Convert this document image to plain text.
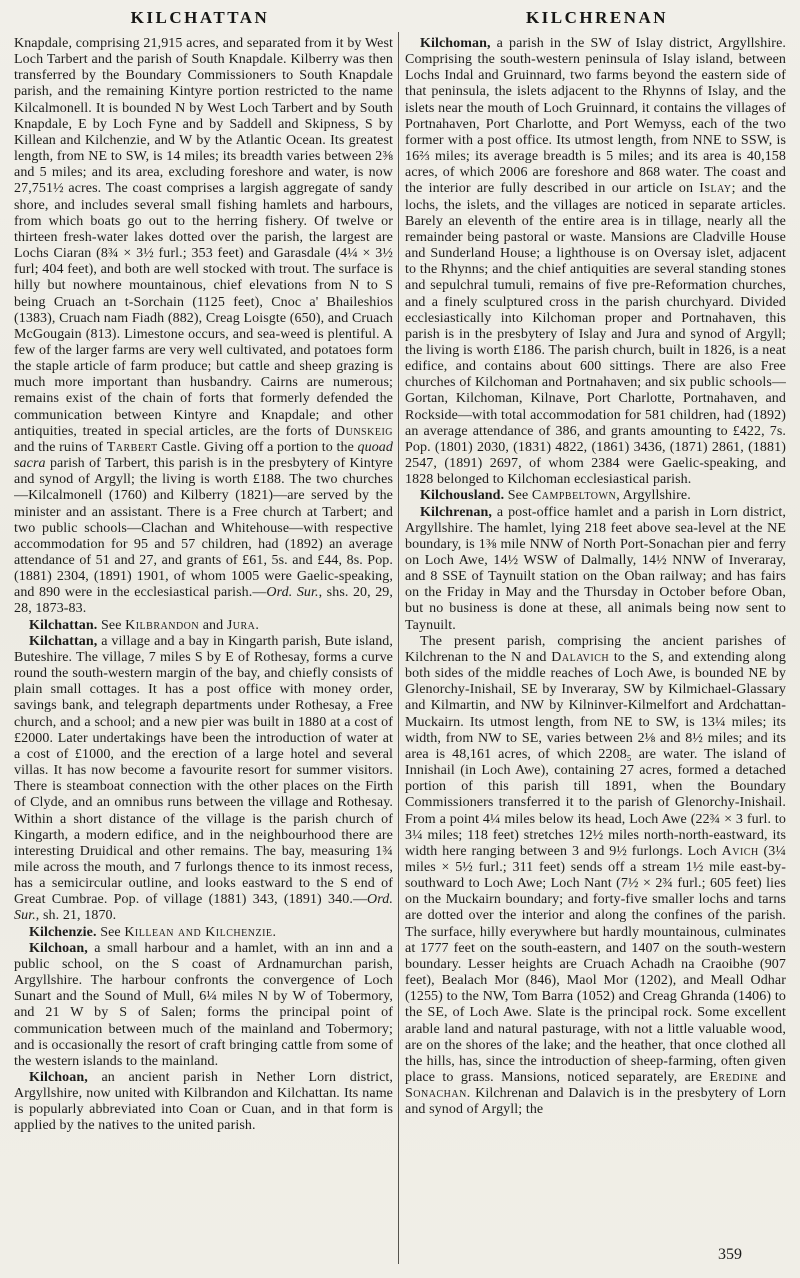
KILCHATTAN	KILCHRENAN

Knapdale, comprising 21,915 acres, and separated from it by West Loch Tarbert and the parish of South Knapdale. Kilberry was then transferred by the Boundary Commissioners to South Knapdale parish, and the remaining Kintyre portion restricted to the name Kilcalmonell. It is bounded N by West Loch Tarbert and by South Knapdale, E by Loch Fyne and by Saddell and Skipness, S by Killean and Kilchenzie, and W by the Atlantic Ocean. Its greatest length, from NE to SW, is 14 miles; its breadth varies between 2⅜ and 5 miles; and its area, excluding foreshore and water, is now 27,751½ acres. The coast comprises a largish aggregate of sandy shore, and includes several small fishing hamlets and harbours, from which boats go out to the herring fishery. Of twelve or thirteen fresh-water lakes dotted over the parish, the largest are Lochs Ciaran (8¾ × 3½ furl.; 353 feet) and Garasdale (4¼ × 3½ furl; 404 feet), and both are well stocked with trout. The surface is hilly but nowhere mountainous, chief elevations from N to S being Cruach an t-Sorchain (1125 feet), Cnoc a' Bhaileshios (1383), Cruach nam Fiadh (882), Creag Loisgte (650), and Cruach McGougain (813). Limestone occurs, and sea-weed is plentiful. A few of the larger farms are very well cultivated, and potatoes form the staple article of farm produce; but cattle and sheep grazing is much more important than husbandry. Cairns are numerous; remains exist of the chain of forts that formerly defended the communication between Kintyre and Knapdale; and other antiquities, treated in special articles, are the forts of Dunskeig and the ruins of Tarbert Castle. Giving off a portion to the quoad sacra parish of Tarbert, this parish is in the presbytery of Kintyre and synod of Argyll; the living is worth £188. The two churches—Kilcalmonell (1760) and Kilberry (1821)—are served by the minister and an assistant. There is a Free church at Tarbert; and two public schools—Clachan and Whitehouse—with respective accommodation for 95 and 57 children, had (1892) an average attendance of 51 and 27, and grants of £61, 5s. and £44, 8s. Pop. (1881) 2304, (1891) 1901, of whom 1005 were Gaelic-speaking, and 890 were in the ecclesiastical parish.—Ord. Sur., shs. 20, 29, 28, 1873-83.

Kilchattan. See Kilbrandon and Jura.

Kilchattan, a village and a bay in Kingarth parish, Bute island, Buteshire. The village, 7 miles S by E of Rothesay, forms a curve round the south-western margin of the bay, and chiefly consists of plain small cottages. It has a post office with money order, savings bank, and telegraph departments under Rothesay, a Free church, and a school; and a new pier was built in 1880 at a cost of £2000. Later undertakings have been the introduction of water at a cost of £1000, and the erection of a large hotel and several villas. It has now become a favourite resort for summer visitors. There is steamboat connection with the other places on the Firth of Clyde, and an omnibus runs between the village and Rothesay. Within a short distance of the village is the parish church of Kingarth, a modern edifice, and in the neighbourhood there are interesting Druidical and other remains. The bay, measuring 1¾ mile across the mouth, and 7 furlongs thence to its inmost recess, has a semicircular outline, and looks eastward to the S end of Great Cumbrae. Pop. of village (1881) 343, (1891) 340.—Ord. Sur., sh. 21, 1870.

Kilchenzie. See Killean and Kilchenzie.

Kilchoan, a small harbour and a hamlet, with an inn and a public school, on the S coast of Ardnamurchan parish, Argyllshire. The harbour confronts the convergence of Loch Sunart and the Sound of Mull, 6¼ miles N by W of Tobermory, and 21 W by S of Salen; forms the principal point of communication between much of the mainland and Tobermory; and is occasionally the resort of craft bringing cattle from some of the western islands to the mainland.

Kilchoan, an ancient parish in Nether Lorn district, Argyllshire, now united with Kilbrandon and Kilchattan. Its name is popularly abbreviated into Coan or Cuan, and in that form is applied by the natives to the united parish.

Kilchoman, a parish in the SW of Islay district, Argyllshire. Comprising the south-western peninsula of Islay island, between Lochs Indal and Gruinnard, two farms beyond the eastern side of that peninsula, the islets adjacent to the Rhynns of Islay, and the islets near the mouth of Loch Gruinnard, it contains the villages of Portnahaven, Port Charlotte, and Port Wemyss, each of the two former with a post office. Its utmost length, from NNE to SSW, is 16⅔ miles; its average breadth is 5 miles; and its area is 40,158 acres, of which 2006 are foreshore and 868 water. The coast and the interior are fully described in our article on Islay; and the lochs, the islets, and the villages are noticed in separate articles. Barely an eleventh of the entire area is in tillage, nearly all the remainder being pastoral or waste. Mansions are Cladville House and Sunderland House; a lighthouse is on Oversay islet, adjacent to the Rhynns; and the chief antiquities are several standing stones and sepulchral tumuli, remains of five pre-Reformation churches, and a finely sculptured cross in the parish churchyard. Divided ecclesiastically into Kilchoman proper and Portnahaven, this parish is in the presbytery of Islay and Jura and synod of Argyll; the living is worth £186. The parish church, built in 1826, is a neat edifice, and contains about 600 sittings. There are also Free churches of Kilchoman and Portnahaven; and six public schools—Gortan, Kilchoman, Kilnave, Port Charlotte, Portnahaven, and Rockside—with total accommodation for 581 children, had (1892) an average attendance of 386, and grants amounting to £422, 7s. Pop. (1801) 2030, (1831) 4822, (1861) 3436, (1871) 2861, (1881) 2547, (1891) 2697, of whom 2384 were Gaelic-speaking, and 1828 belonged to Kilchoman ecclesiastical parish.

Kilchousland. See Campbeltown, Argyllshire.

Kilchrenan, a post-office hamlet and a parish in Lorn district, Argyllshire. The hamlet, lying 218 feet above sea-level at the NE boundary, is 1⅜ mile NNW of North Port-Sonachan pier and ferry on Loch Awe, 14½ WSW of Dalmally, 14½ NNW of Inveraray, and 8 SSE of Taynuilt station on the Oban railway; and has fairs on the Friday in May and the Thursday in October before Oban, but no business is done at these, all animals being now sent to Taynuilt.

The present parish, comprising the ancient parishes of Kilchrenan to the N and Dalavich to the S, and extending along both sides of the middle reaches of Loch Awe, is bounded NE by Glenorchy-Inishail, SE by Inveraray, SW by Kilmichael-Glassary and Kilmartin, and NW by Kilninver-Kilmelfort and Ardchattan-Muckairn. Its utmost length, from NE to SW, is 13¼ miles; its width, from NW to SE, varies between 2⅛ and 8½ miles; and its area is 48,161 acres, of which 2208₅ are water. The island of Innishail (in Loch Awe), containing 27 acres, formed a detached portion of this parish till 1891, when the Boundary Commissioners transferred it to the parish of Glenorchy-Inishail. From a point 4¼ miles below its head, Loch Awe (22¾ × 3 furl. to 3¼ miles; 118 feet) stretches 12½ miles north-north-eastward, its width here ranging between 3 and 9½ furlongs. Loch Avich (3¼ miles × 5½ furl.; 311 feet) sends off a stream 1½ mile east-by-southward to Loch Awe; Loch Nant (7½ × 2¾ furl.; 605 feet) lies on the Muckairn boundary; and forty-five smaller lochs and tarns are dotted over the interior and along the confines of the parish. The surface, hilly everywhere but hardly mountainous, culminates at 1777 feet on the south-eastern, and 1407 on the south-western boundary. Lesser heights are Cruach Achadh na Craoibhe (907 feet), Bealach Mor (846), Maol Mor (1202), and Meall Odhar (1255) to the NW, Tom Barra (1052) and Creag Ghranda (1406) to the SE, of Loch Awe. Slate is the principal rock. Some excellent arable land and natural pasturage, with not a little valuable wood, are on the shores of the lake; and the heather, that once clothed all the hills, has, since the introduction of sheep-farming, often given place to grass. Mansions, noticed separately, are Eredine and Sonachan. Kilchrenan and Dalavich is in the presbytery of Lorn and synod of Argyll; the

359
